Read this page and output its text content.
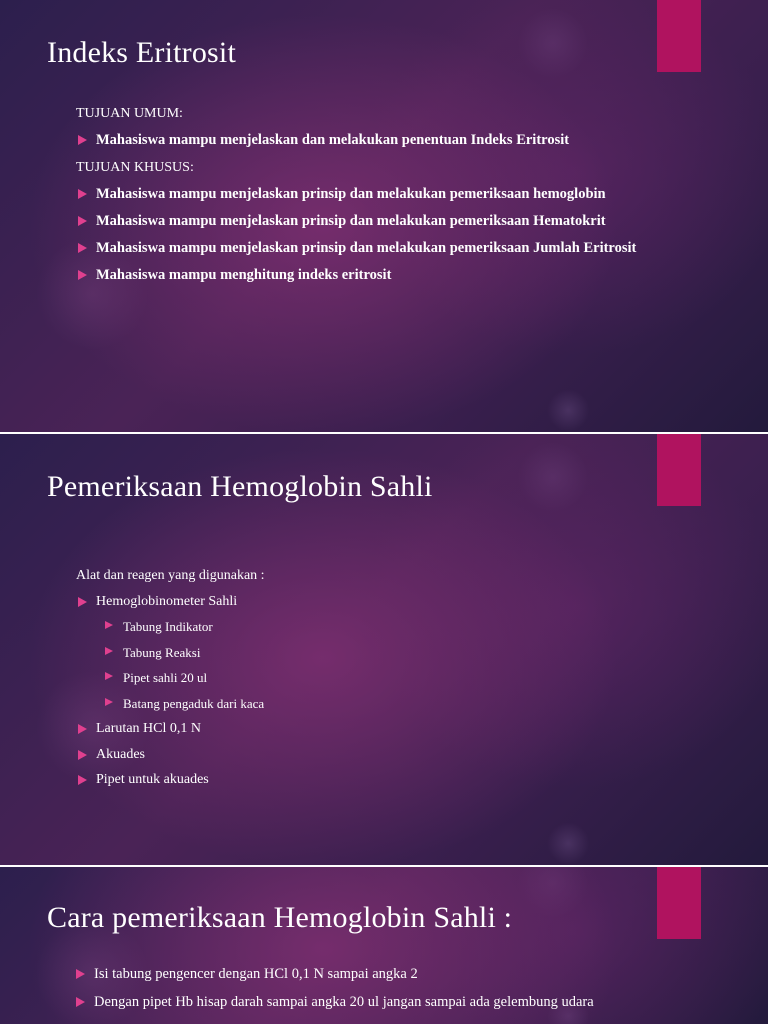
Indeks Eritrosit
TUJUAN UMUM:
Mahasiswa mampu menjelaskan dan melakukan penentuan Indeks Eritrosit
TUJUAN KHUSUS:
Mahasiswa mampu menjelaskan prinsip dan melakukan pemeriksaan hemoglobin
Mahasiswa mampu menjelaskan prinsip dan melakukan pemeriksaan Hematokrit
Mahasiswa mampu menjelaskan prinsip dan melakukan pemeriksaan Jumlah Eritrosit
Mahasiswa mampu menghitung indeks eritrosit
Pemeriksaan Hemoglobin Sahli
Alat dan reagen yang digunakan :
Hemoglobinometer Sahli
Tabung Indikator
Tabung Reaksi
Pipet sahli 20 ul
Batang pengaduk dari kaca
Larutan HCl 0,1 N
Akuades
Pipet untuk akuades
Cara pemeriksaan Hemoglobin Sahli :
Isi tabung pengencer dengan HCl 0,1 N sampai angka 2
Dengan pipet Hb hisap darah sampai angka 20 ul jangan sampai ada gelembung udara
